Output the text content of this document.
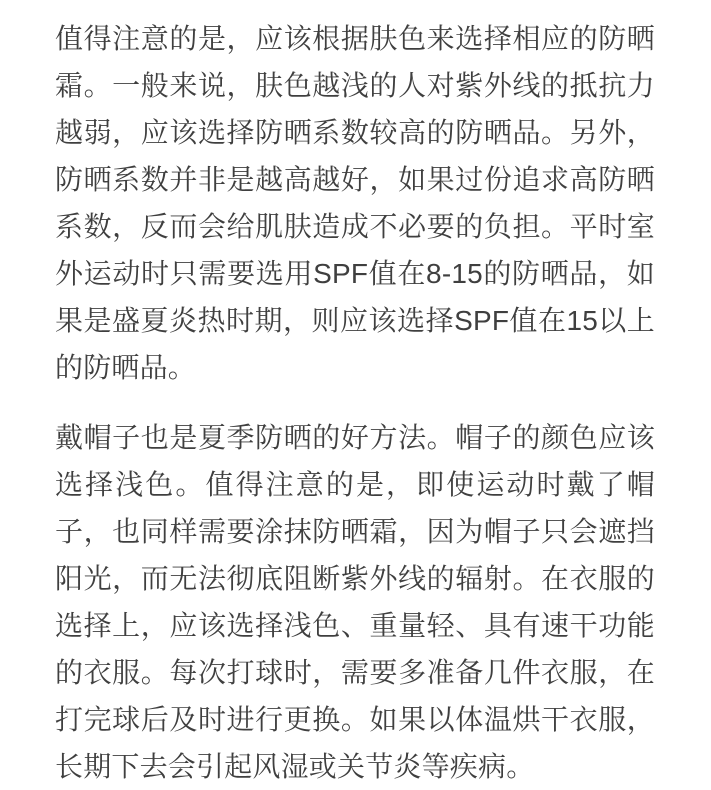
值得注意的是，应该根据肤色来选择相应的防晒霜。一般来说，肤色越浅的人对紫外线的抵抗力越弱，应该选择防晒系数较高的防晒品。另外，防晒系数并非是越高越好，如果过份追求高防晒系数，反而会给肌肤造成不必要的负担。平时室外运动时只需要选用SPF值在8-15的防晒品，如果是盛夏炎热时期，则应该选择SPF值在15以上的防晒品。

戴帽子也是夏季防晒的好方法。帽子的颜色应该选择浅色。值得注意的是，即使运动时戴了帽子，也同样需要涂抹防晒霜，因为帽子只会遮挡阳光，而无法彻底阻断紫外线的辐射。在衣服的选择上，应该选择浅色、重量轻、具有速干功能的衣服。每次打球时，需要多准备几件衣服，在打完球后及时进行更换。如果以体温烘干衣服，长期下去会引起风湿或关节炎等疾病。
